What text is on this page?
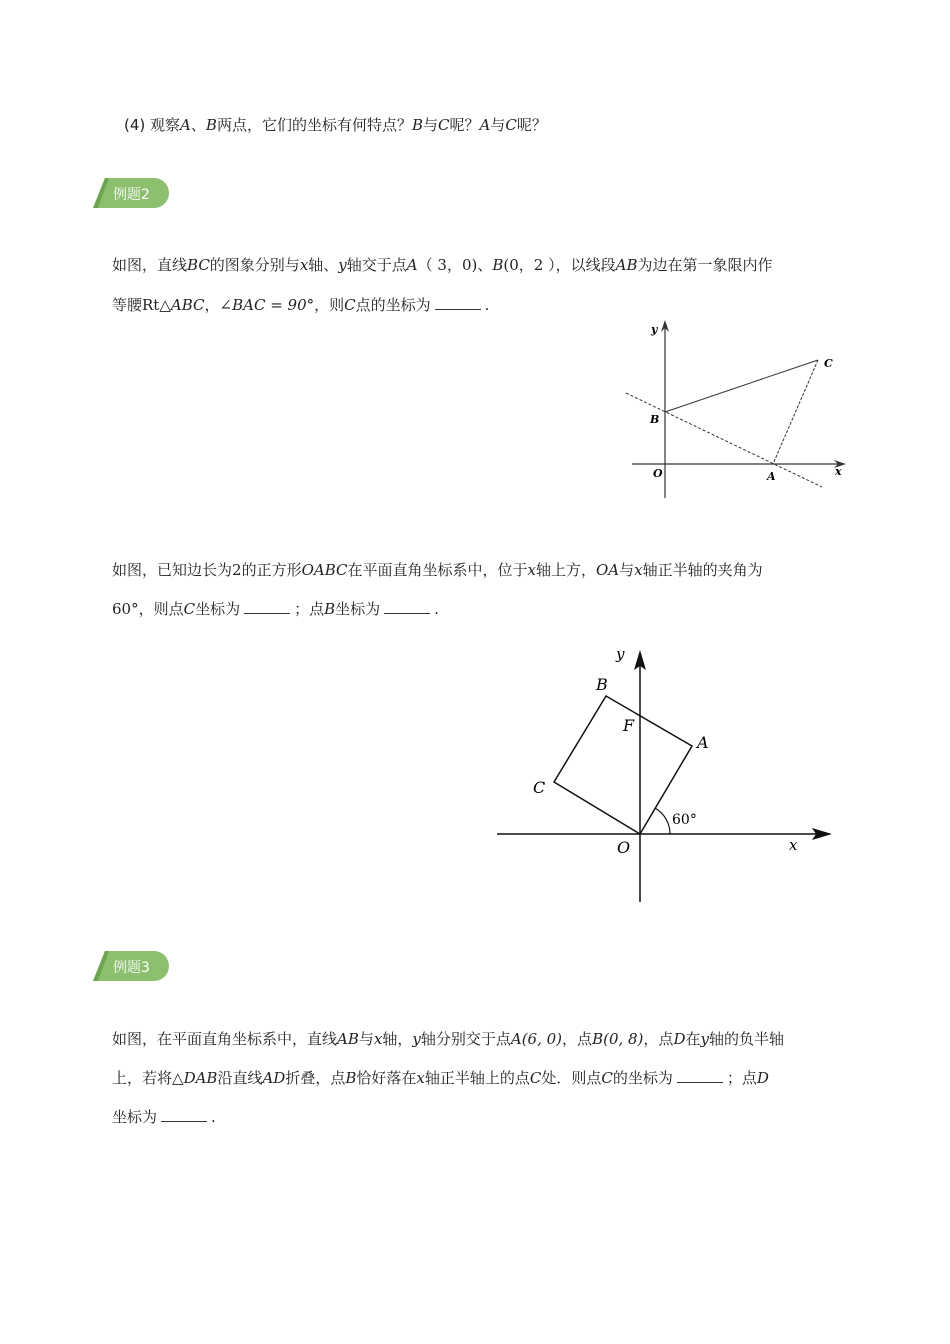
(4) 观察A、B两点，它们的坐标有何特点？B与C呢？A与C呢？
例题2
如图，直线BC的图象分别与x轴、y轴交于点A（ 3，0)、B(0，2 ），以线段AB为边在第一象限内作
等腰Rt△ABC，∠BAC = 90°，则C点的坐标为	.
y
x
O	A
B
C
如图，已知边长为2的正方形OABC在平面直角坐标系中，位于x轴上方，OA与x轴正半轴的夹角为
60°，则点C坐标为	；点B坐标为	.
y
x
O
A
B
C
F
60°
例题3
如图，在平面直角坐标系中，直线AB与x轴，y轴分别交于点A(6, 0)，点B(0, 8)，点D在y轴的负半轴
上，若将△DAB沿直线AD折叠，点B恰好落在x轴正半轴上的点C处．则点C的坐标为	；点D
坐标为	.
